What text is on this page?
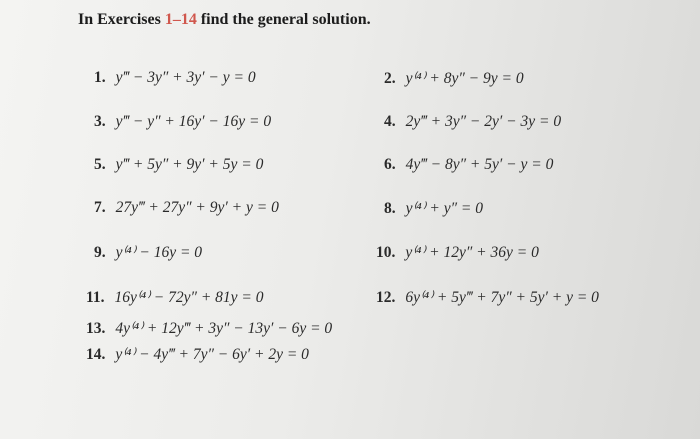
In Exercises 1–14 find the general solution.
1. y‴ − 3y″ + 3y′ − y = 0
3. y‴ − y″ + 16y′ − 16y = 0
5. y‴ + 5y″ + 9y′ + 5y = 0
7. 27y‴ + 27y″ + 9y′ + y = 0
9. y⁽⁴⁾ − 16y = 0
11. 16y⁽⁴⁾ − 72y″ + 81y = 0
13. 4y⁽⁴⁾ + 12y‴ + 3y″ − 13y′ − 6y = 0
14. y⁽⁴⁾ − 4y‴ + 7y″ − 6y′ + 2y = 0
2. y⁽⁴⁾ + 8y″ − 9y = 0
4. 2y‴ + 3y″ − 2y′ − 3y = 0
6. 4y‴ − 8y″ + 5y′ − y = 0
8. y⁽⁴⁾ + y″ = 0
10. y⁽⁴⁾ + 12y″ + 36y = 0
12. 6y⁽⁴⁾ + 5y‴ + 7y″ + 5y′ + y = 0
